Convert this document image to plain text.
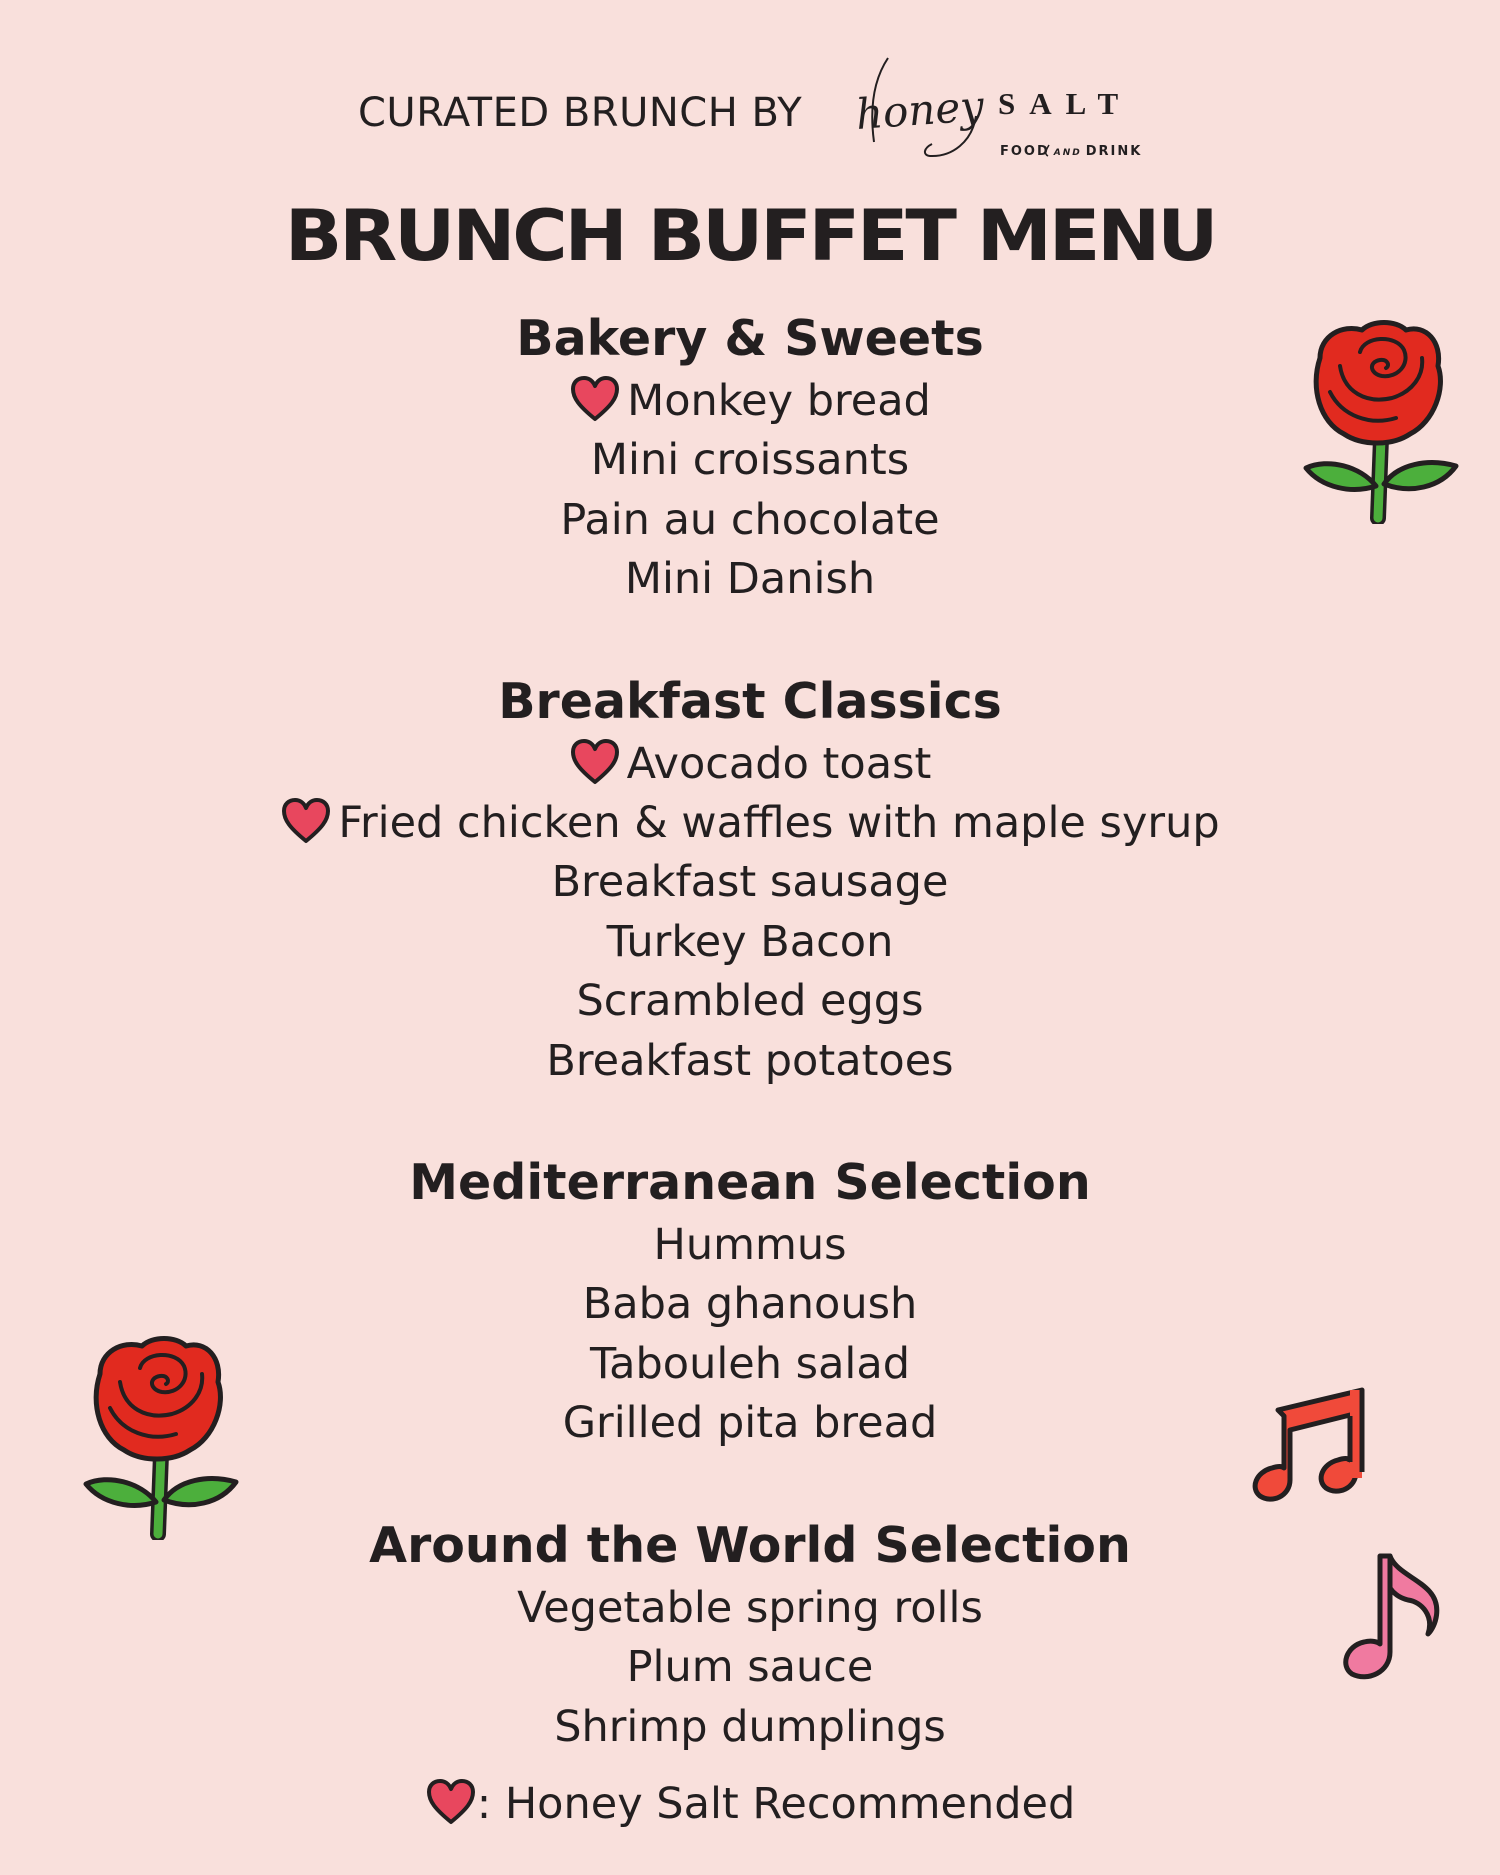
CURATED BRUNCH BY honey SALT
FOOD AND DRINK
BRUNCH BUFFET MENU
Bakery & Sweets
Monkey bread
Mini croissants
Pain au chocolate
Mini Danish
Breakfast Classics
Avocado toast
Fried chicken & waffles with maple syrup
Breakfast sausage
Turkey Bacon
Scrambled eggs
Breakfast potatoes
Mediterranean Selection
Hummus
Baba ghanoush
Tabouleh salad
Grilled pita bread
Around the World Selection
Vegetable spring rolls
Plum sauce
Shrimp dumplings
: Honey Salt Recommended
